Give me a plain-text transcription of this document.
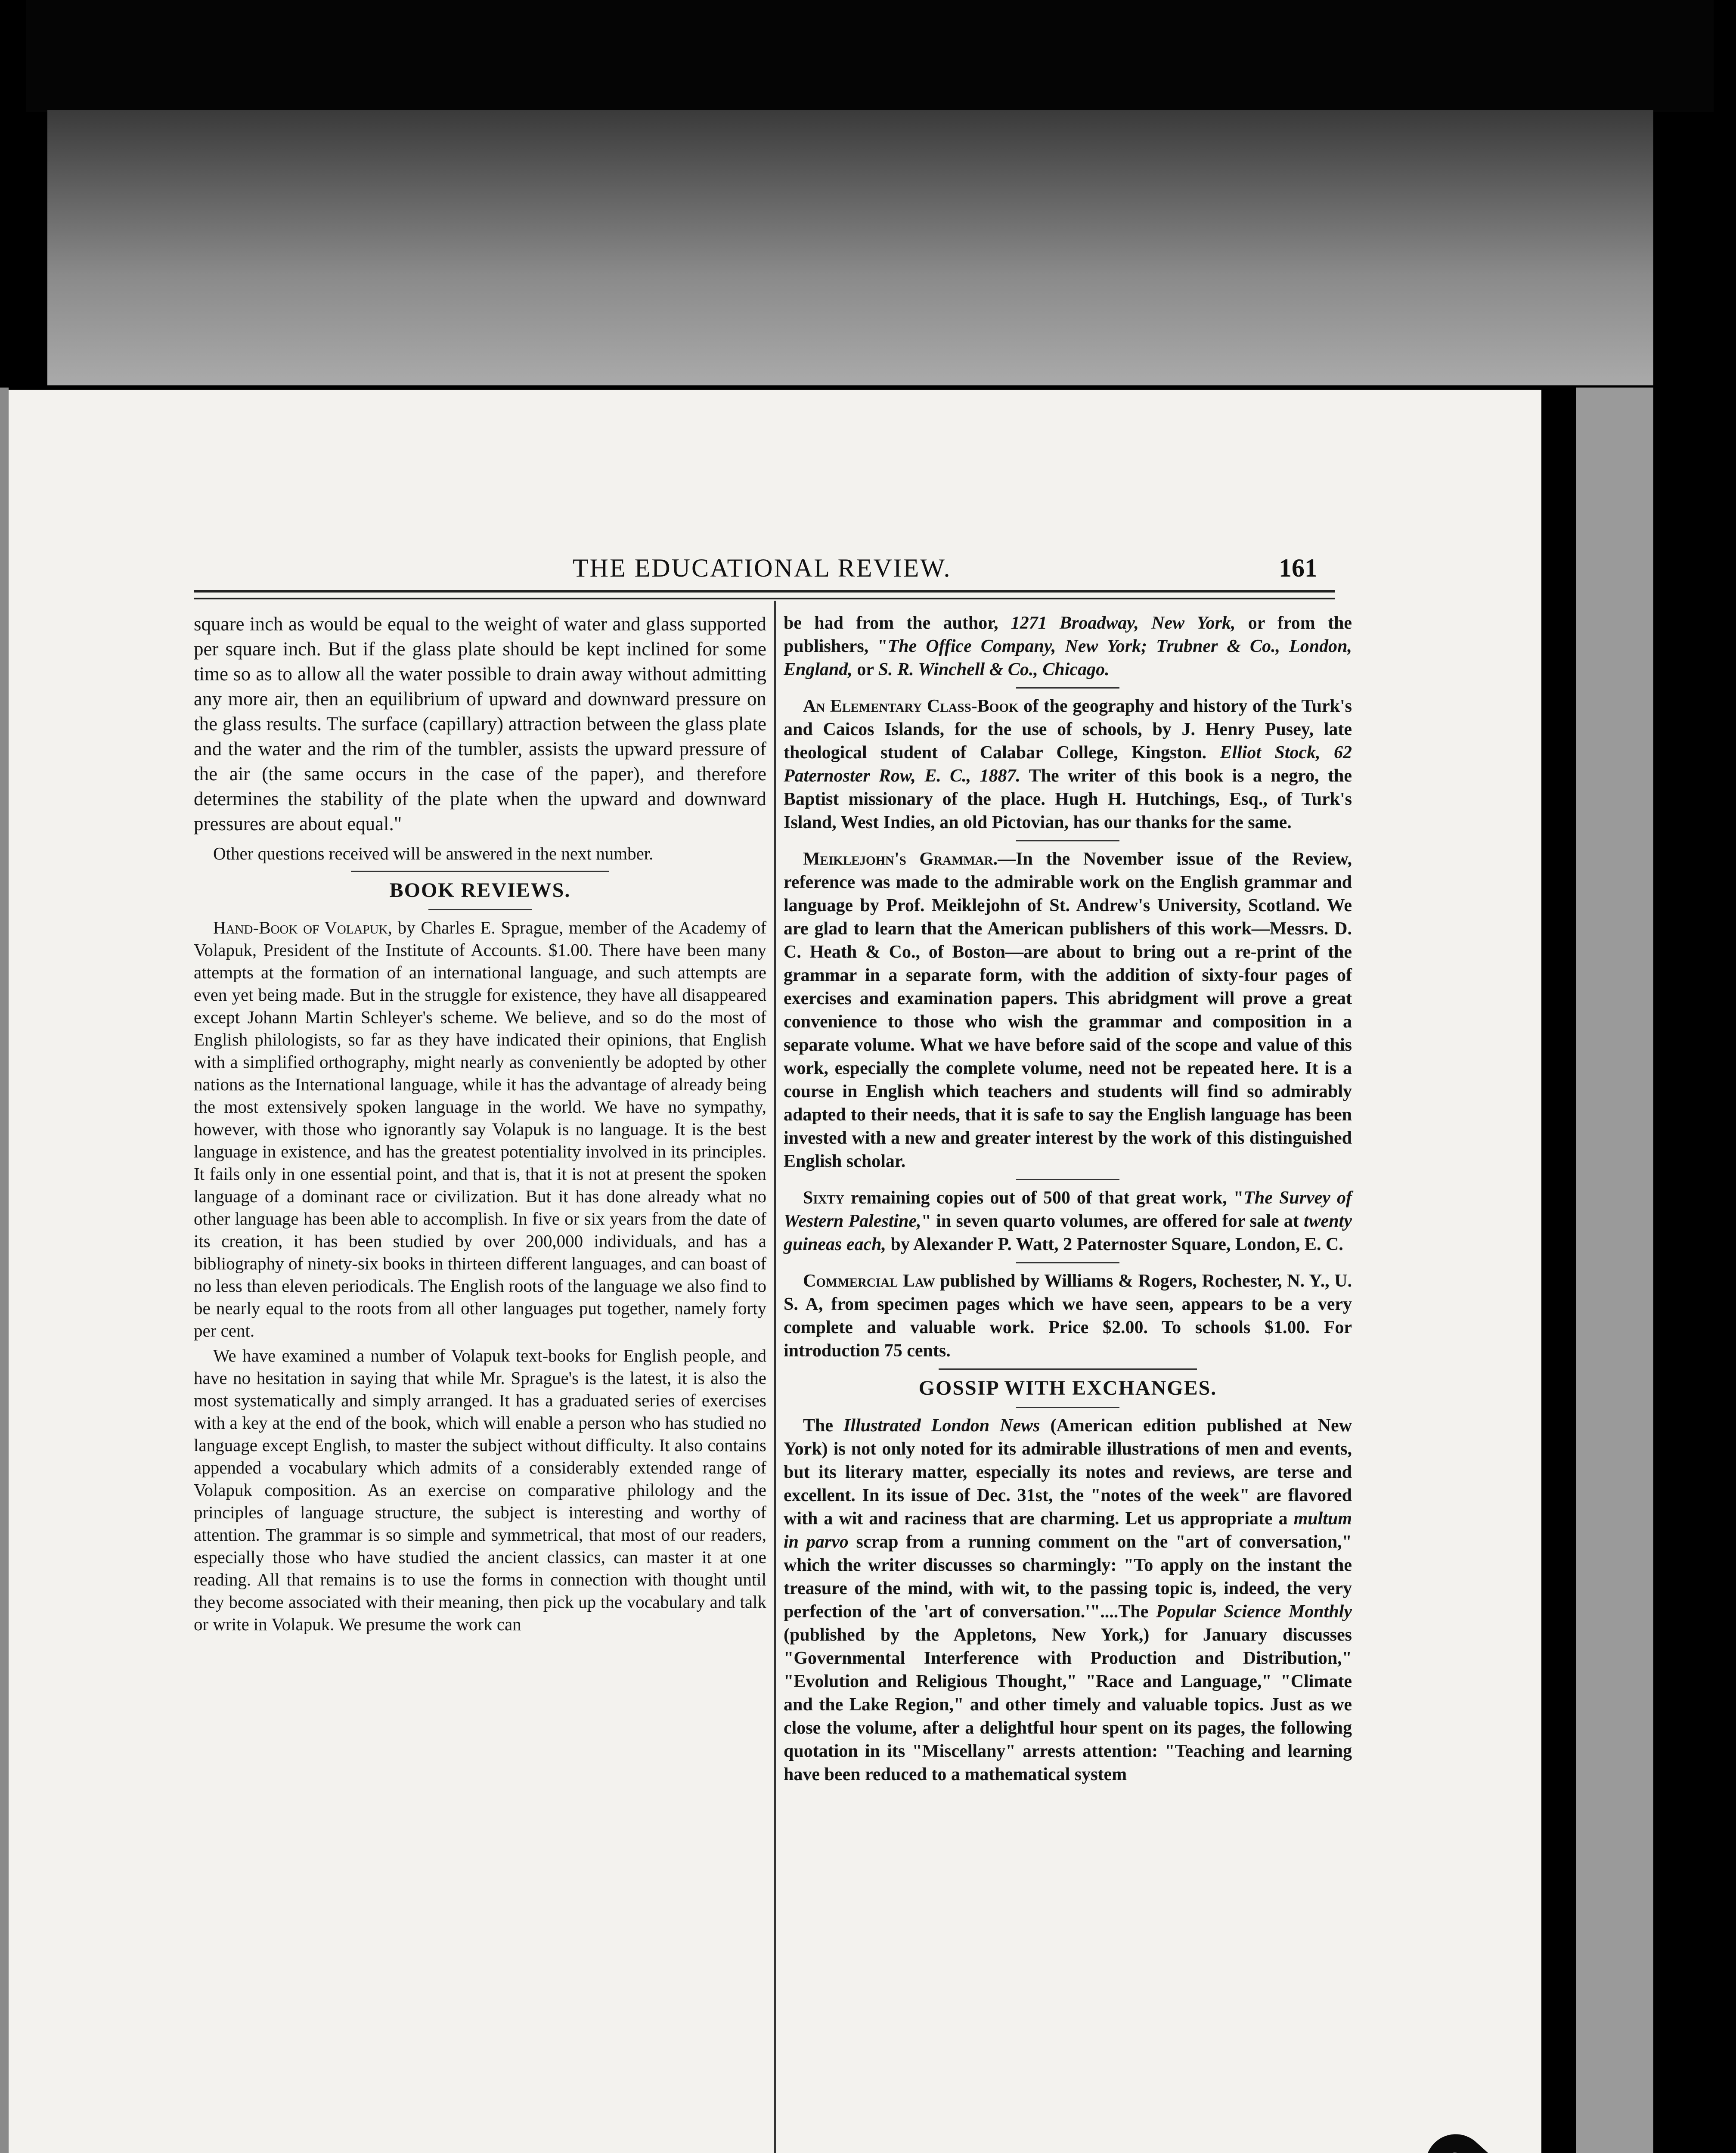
THE EDUCATIONAL REVIEW.	161

square inch as would be equal to the weight of water and glass supported per square inch. But if the glass plate should be kept inclined for some time so as to allow all the water possible to drain away without admitting any more air, then an equilibrium of upward and downward pressure on the glass results. The surface (capillary) attraction between the glass plate and the water and the rim of the tumbler, assists the upward pressure of the air (the same occurs in the case of the paper), and therefore determines the stability of the plate when the upward and downward pressures are about equal."

Other questions received will be answered in the next number.

BOOK REVIEWS.

Hand-Book of Volapuk, by Charles E. Sprague, member of the Academy of Volapuk, President of the Institute of Accounts. $1.00. There have been many attempts at the formation of an international language, and such attempts are even yet being made. But in the struggle for existence, they have all disappeared except Johann Martin Schleyer's scheme. We believe, and so do the most of English philologists, so far as they have indicated their opinions, that English with a simplified orthography, might nearly as conveniently be adopted by other nations as the International language, while it has the advantage of already being the most extensively spoken language in the world. We have no sympathy, however, with those who ignorantly say Volapuk is no language. It is the best language in existence, and has the greatest potentiality involved in its principles. It fails only in one essential point, and that is, that it is not at present the spoken language of a dominant race or civilization. But it has done already what no other language has been able to accomplish. In five or six years from the date of its creation, it has been studied by over 200,000 individuals, and has a bibliography of ninety-six books in thirteen different languages, and can boast of no less than eleven periodicals. The English roots of the language we also find to be nearly equal to the roots from all other languages put together, namely forty per cent.

We have examined a number of Volapuk text-books for English people, and have no hesitation in saying that while Mr. Sprague's is the latest, it is also the most systematically and simply arranged. It has a graduated series of exercises with a key at the end of the book, which will enable a person who has studied no language except English, to master the subject without difficulty. It also contains appended a vocabulary which admits of a considerably extended range of Volapuk composition. As an exercise on comparative philology and the principles of language structure, the subject is interesting and worthy of attention. The grammar is so simple and symmetrical, that most of our readers, especially those who have studied the ancient classics, can master it at one reading. All that remains is to use the forms in connection with thought until they become associated with their meaning, then pick up the vocabulary and talk or write in Volapuk. We presume the work can

be had from the author, 1271 Broadway, New York, or from the publishers, "The Office Company, New York; Trubner & Co., London, England, or S. R. Winchell & Co., Chicago.

An Elementary Class-Book of the geography and history of the Turk's and Caicos Islands, for the use of schools, by J. Henry Pusey, late theological student of Calabar College, Kingston. Elliot Stock, 62 Paternoster Row, E. C., 1887. The writer of this book is a negro, the Baptist missionary of the place. Hugh H. Hutchings, Esq., of Turk's Island, West Indies, an old Pictovian, has our thanks for the same.

Meiklejohn's Grammar.—In the November issue of the Review, reference was made to the admirable work on the English grammar and language by Prof. Meiklejohn of St. Andrew's University, Scotland. We are glad to learn that the American publishers of this work—Messrs. D. C. Heath & Co., of Boston—are about to bring out a re-print of the grammar in a separate form, with the addition of sixty-four pages of exercises and examination papers. This abridgment will prove a great convenience to those who wish the grammar and composition in a separate volume. What we have before said of the scope and value of this work, especially the complete volume, need not be repeated here. It is a course in English which teachers and students will find so admirably adapted to their needs, that it is safe to say the English language has been invested with a new and greater interest by the work of this distinguished English scholar.

Sixty remaining copies out of 500 of that great work, "The Survey of Western Palestine," in seven quarto volumes, are offered for sale at twenty guineas each, by Alexander P. Watt, 2 Paternoster Square, London, E. C.

Commercial Law published by Williams & Rogers, Rochester, N. Y., U. S. A, from specimen pages which we have seen, appears to be a very complete and valuable work. Price $2.00. To schools $1.00. For introduction 75 cents.

GOSSIP WITH EXCHANGES.

The Illustrated London News (American edition published at New York) is not only noted for its admirable illustrations of men and events, but its literary matter, especially its notes and reviews, are terse and excellent. In its issue of Dec. 31st, the "notes of the week" are flavored with a wit and raciness that are charming. Let us appropriate a multum in parvo scrap from a running comment on the "art of conversation," which the writer discusses so charmingly: "To apply on the instant the treasure of the mind, with wit, to the passing topic is, indeed, the very perfection of the 'art of conversation.'"....The Popular Science Monthly (published by the Appletons, New York,) for January discusses "Governmental Interference with Production and Distribution," "Evolution and Religious Thought," "Race and Language," "Climate and the Lake Region," and other timely and valuable topics. Just as we close the volume, after a delightful hour spent on its pages, the following quotation in its "Miscellany" arrests attention: "Teaching and learning have been reduced to a mathematical system
